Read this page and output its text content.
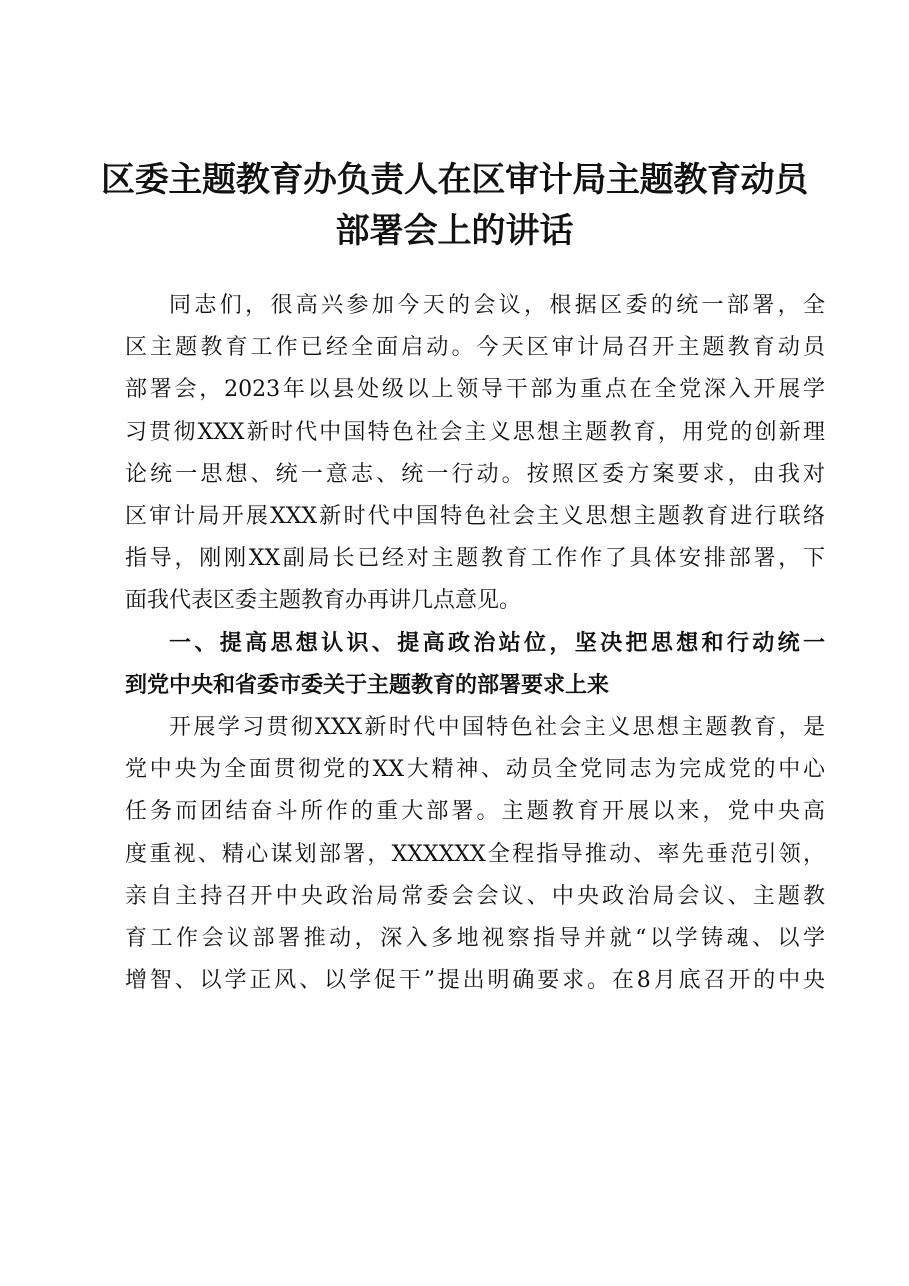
区委主题教育办负责人在区审计局主题教育动员
部署会上的讲话

同志们，很高兴参加今天的会议，根据区委的统一部署，全
区主题教育工作已经全面启动。今天区审计局召开主题教育动员
部署会，2023年以县处级以上领导干部为重点在全党深入开展学
习贯彻XXX新时代中国特色社会主义思想主题教育，用党的创新理
论统一思想、统一意志、统一行动。按照区委方案要求，由我对
区审计局开展XXX新时代中国特色社会主义思想主题教育进行联络
指导，刚刚XX副局长已经对主题教育工作作了具体安排部署，下
面我代表区委主题教育办再讲几点意见。

一、提高思想认识、提高政治站位，坚决把思想和行动统一
到党中央和省委市委关于主题教育的部署要求上来

开展学习贯彻XXX新时代中国特色社会主义思想主题教育，是
党中央为全面贯彻党的XX大精神、动员全党同志为完成党的中心
任务而团结奋斗所作的重大部署。主题教育开展以来，党中央高
度重视、精心谋划部署，XXXXXX全程指导推动、率先垂范引领，
亲自主持召开中央政治局常委会会议、中央政治局会议、主题教
育工作会议部署推动，深入多地视察指导并就“以学铸魂、以学
增智、以学正风、以学促干”提出明确要求。在8月底召开的中央
